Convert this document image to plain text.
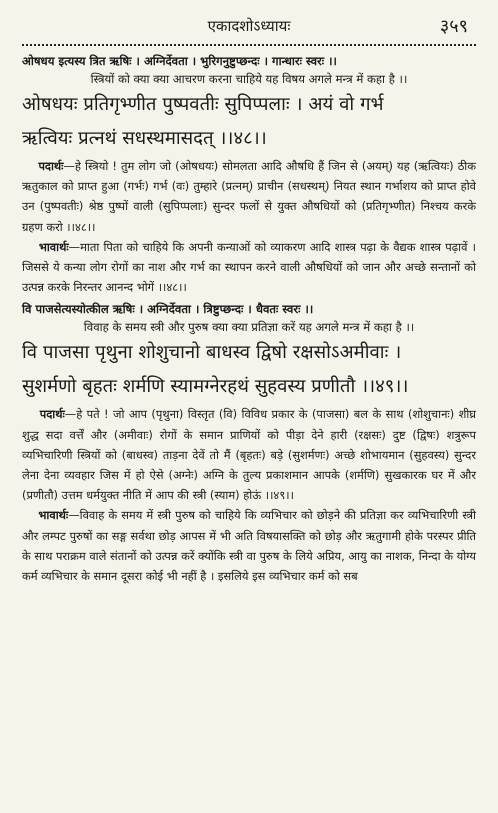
एकादशोऽध्यायः	३५९

ओषधय इत्यस्य त्रित ऋषिः । अग्निर्देवता । भुरिगनुष्टुप्छन्दः । गान्धारः स्वरः ।।

स्त्रियों को क्या क्या आचरण करना चाहिये यह विषय अगले मन्त्र में कहा है ।।

ओषधयः प्रतिगृभ्णीत पुष्पवतीः सुपिप्पलाः । अयं वो गर्भ

ऋत्वियः प्रत्नथं सधस्थमासदत् ।।४८।।

पदार्थः—हे स्त्रियो ! तुम लोग जो (ओषधयः) सोमलता आदि औषधि हैं जिन से (अयम्) यह (ऋत्वियः) ठीक ऋतुकाल को प्राप्त हुआ (गर्भः) गर्भ (वः) तुम्हारे (प्रत्नम्) प्राचीन (सधस्थम्) नियत स्थान गर्भाशय को प्राप्त होवे उन (पुष्पवतीः) श्रेष्ठ पुष्पों वाली (सुपिप्पलाः) सुन्दर फलों से युक्त औषधियों को (प्रतिगृभ्णीत) निश्चय करके ग्रहण करो ।।४८।।

भावार्थः—माता पिता को चाहिये कि अपनी कन्याओं को व्याकरण आदि शास्त्र पढ़ा के वैद्यक शास्त्र पढ़ावें । जिससे ये कन्या लोग रोगों का नाश और गर्भ का स्थापन करने वाली औषधियों को जान और अच्छे सन्तानों को उत्पन्न करके निरन्तर आनन्द भोगें ।।४८।।

वि पाजसेत्यस्योत्कील ऋषिः । अग्निर्देवता । त्रिष्टुप्छन्दः । धैवतः स्वरः ।।

विवाह के समय स्त्री और पुरुष क्या क्या प्रतिज्ञा करें यह अगले मन्त्र में कहा है ।।

वि पाजसा पृथुना शोशुचानो बाधस्व द्विषो रक्षसोऽअमीवाः ।

सुशर्मणो बृहतः शर्मणि स्यामग्नेरहथं सुहवस्य प्रणीतौ ।।४९।।

पदार्थः—हे पते ! जो आप (पृथुना) विस्तृत (वि) विविध प्रकार के (पाजसा) बल के साथ (शोशुचानः) शीघ्र शुद्ध सदा वर्त्तें और (अमीवाः) रोगों के समान प्राणियों को पीड़ा देने हारी (रक्षसः) दुष्ट (द्विषः) शत्रुरूप व्यभिचारिणी स्त्रियों को (बाधस्व) ताड़ना देवें तो मैं (बृहतः) बड़े (सुशर्मणः) अच्छे शोभायमान (सुहवस्य) सुन्दर लेना देना व्यवहार जिस में हो ऐसे (अग्नेः) अग्नि के तुल्य प्रकाशमान आपके (शर्मणि) सुखकारक घर में और (प्रणीतौ) उत्तम धर्मयुक्त नीति में आप की स्त्री (स्याम) होऊं ।।४९।।

भावार्थः—विवाह के समय में स्त्री पुरुष को चाहिये कि व्यभिचार को छोड़ने की प्रतिज्ञा कर व्यभिचारिणी स्त्री और लम्पट पुरुषों का सङ्ग सर्वथा छोड़ आपस में भी अति विषयासक्ति को छोड़ और ऋतुगामी होके परस्पर प्रीति के साथ पराक्रम वाले संतानों को उत्पन्न करें क्योंकि स्त्री वा पुरुष के लिये अप्रिय, आयु का नाशक, निन्दा के योग्य कर्म व्यभिचार के समान दूसरा कोई भी नहीं है । इसलिये इस व्यभिचार कर्म को सब
